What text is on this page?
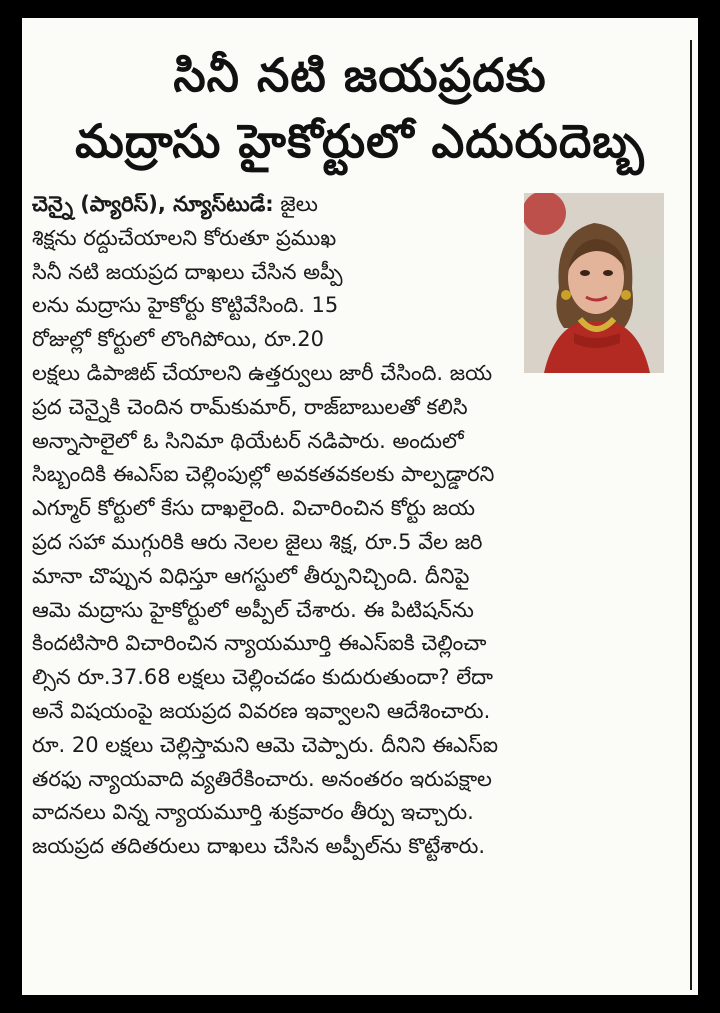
సినీ నటి జయప్రదకు
మద్రాసు హైకోర్టులో ఎదురుదెబ్బ
చెన్నై (ప్యారిస్), న్యూస్‌టుడే: జైలు
శిక్షను రద్దుచేయాలని కోరుతూ ప్రముఖ
సినీ నటి జయప్రద దాఖలు చేసిన అప్పీ
లను మద్రాసు హైకోర్టు కొట్టివేసింది. 15
రోజుల్లో కోర్టులో లొంగిపోయి, రూ.20
లక్షలు డిపాజిట్ చేయాలని ఉత్తర్వులు జారీ చేసింది. జయ
ప్రద చెన్నైకి చెందిన రామ్‌కుమార్, రాజ్‌బాబులతో కలిసి
అన్నాసాలైలో ఓ సినిమా థియేటర్ నడిపారు. అందులో
సిబ్బందికి ఈఎస్ఐ చెల్లింపుల్లో అవకతవకలకు పాల్పడ్డారని
ఎగ్మూర్ కోర్టులో కేసు దాఖలైంది. విచారించిన కోర్టు జయ
ప్రద సహా ముగ్గురికి ఆరు నెలల జైలు శిక్ష, రూ.5 వేల జరి
మానా చొప్పున విధిస్తూ ఆగస్టులో తీర్పునిచ్చింది. దీనిపై
ఆమె మద్రాసు హైకోర్టులో అప్పీల్ చేశారు. ఈ పిటిషన్‌ను
కిందటిసారి విచారించిన న్యాయమూర్తి ఈఎస్ఐకి చెల్లించా
ల్సిన రూ.37.68 లక్షలు చెల్లించడం కుదురుతుందా? లేదా
అనే విషయంపై జయప్రద వివరణ ఇవ్వాలని ఆదేశించారు.
రూ. 20 లక్షలు చెల్లిస్తామని ఆమె చెప్పారు. దీనిని ఈఎస్ఐ
తరఫు న్యాయవాది వ్యతిరేకించారు. అనంతరం ఇరుపక్షాల
వాదనలు విన్న న్యాయమూర్తి శుక్రవారం తీర్పు ఇచ్చారు.
జయప్రద తదితరులు దాఖలు చేసిన అప్పీల్‌ను కొట్టేశారు.
